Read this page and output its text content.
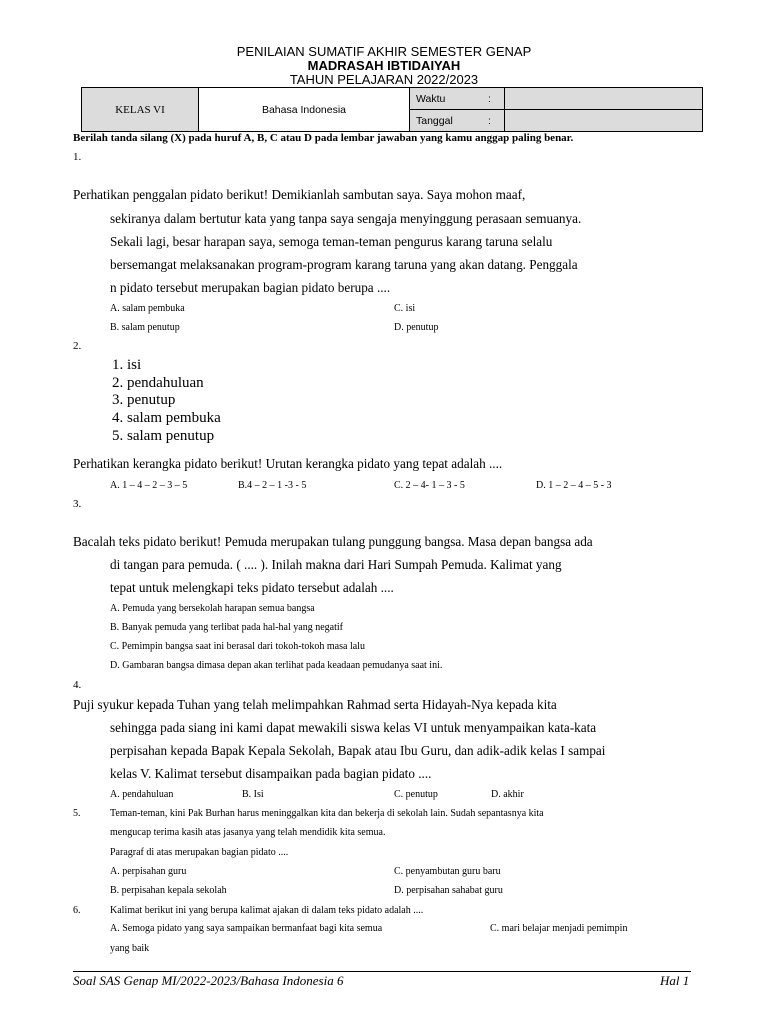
PENILAIAN SUMATIF AKHIR SEMESTER GENAP
MADRASAH IBTIDAIYAH
TAHUN PELAJARAN 2022/2023
KELAS VI	Bahasa Indonesia	Waktu :	

		Tanggal :	

Berilah tanda silang (X) pada huruf A, B, C atau D pada lembar jawaban yang kamu anggap paling benar.
1.
Perhatikan penggalan pidato berikut! Demikianlah sambutan saya. Saya mohon maaf,
sekiranya dalam bertutur kata yang tanpa saya sengaja menyinggung perasaan semuanya.
Sekali lagi, besar harapan saya, semoga teman-teman pengurus karang taruna selalu
bersemangat melaksanakan program-program karang taruna yang akan datang. Penggala
n pidato tersebut merupakan bagian pidato berupa ....
A. salam pembuka
B. salam penutup
C. isi
D. penutup
2.
1. isi
2. pendahuluan
3. penutup
4. salam pembuka
5. salam penutup
Perhatikan kerangka pidato berikut! Urutan kerangka pidato yang tepat adalah ....
A. 1 – 4 – 2 – 3 – 5	B.4 – 2 – 1 -3 - 5	C. 2 – 4- 1 – 3 - 5	D. 1 – 2 – 4 – 5 - 3
3.
Bacalah teks pidato berikut! Pemuda merupakan tulang punggung bangsa. Masa depan bangsa ada
di tangan para pemuda. ( .... ). Inilah makna dari Hari Sumpah Pemuda. Kalimat yang
tepat untuk melengkapi teks pidato tersebut adalah ....
A. Pemuda yang bersekolah harapan semua bangsa
B. Banyak pemuda yang terlibat pada hal-hal yang negatif
C. Pemimpin bangsa saat ini berasal dari tokoh-tokoh masa lalu
D. Gambaran bangsa dimasa depan akan terlihat pada keadaan pemudanya saat ini.
4.
Puji syukur kepada Tuhan yang telah melimpahkan Rahmad serta Hidayah-Nya kepada kita
sehingga pada siang ini kami dapat mewakili siswa kelas VI untuk menyampaikan kata-kata
perpisahan kepada Bapak Kepala Sekolah, Bapak atau Ibu Guru, dan adik-adik kelas I sampai
kelas V. Kalimat tersebut disampaikan pada bagian pidato ....
A. pendahuluan	B. Isi	C. penutup	D. akhir
5.	Teman-teman, kini Pak Burhan harus meninggalkan kita dan bekerja di sekolah lain. Sudah sepantasnya kita
mengucap terima kasih atas jasanya yang telah mendidik kita semua.
Paragraf di atas merupakan bagian pidato ....
A. perpisahan guru
B. perpisahan kepala sekolah
C. penyambutan guru baru
D. perpisahan sahabat guru
6.	Kalimat berikut ini yang berupa kalimat ajakan di dalam teks pidato adalah ....
A. Semoga pidato yang saya sampaikan bermanfaat bagi kita semua	C. mari belajar menjadi pemimpin
yang baik
Soal SAS Genap MI/2022-2023/Bahasa Indonesia 6	Hal 1
